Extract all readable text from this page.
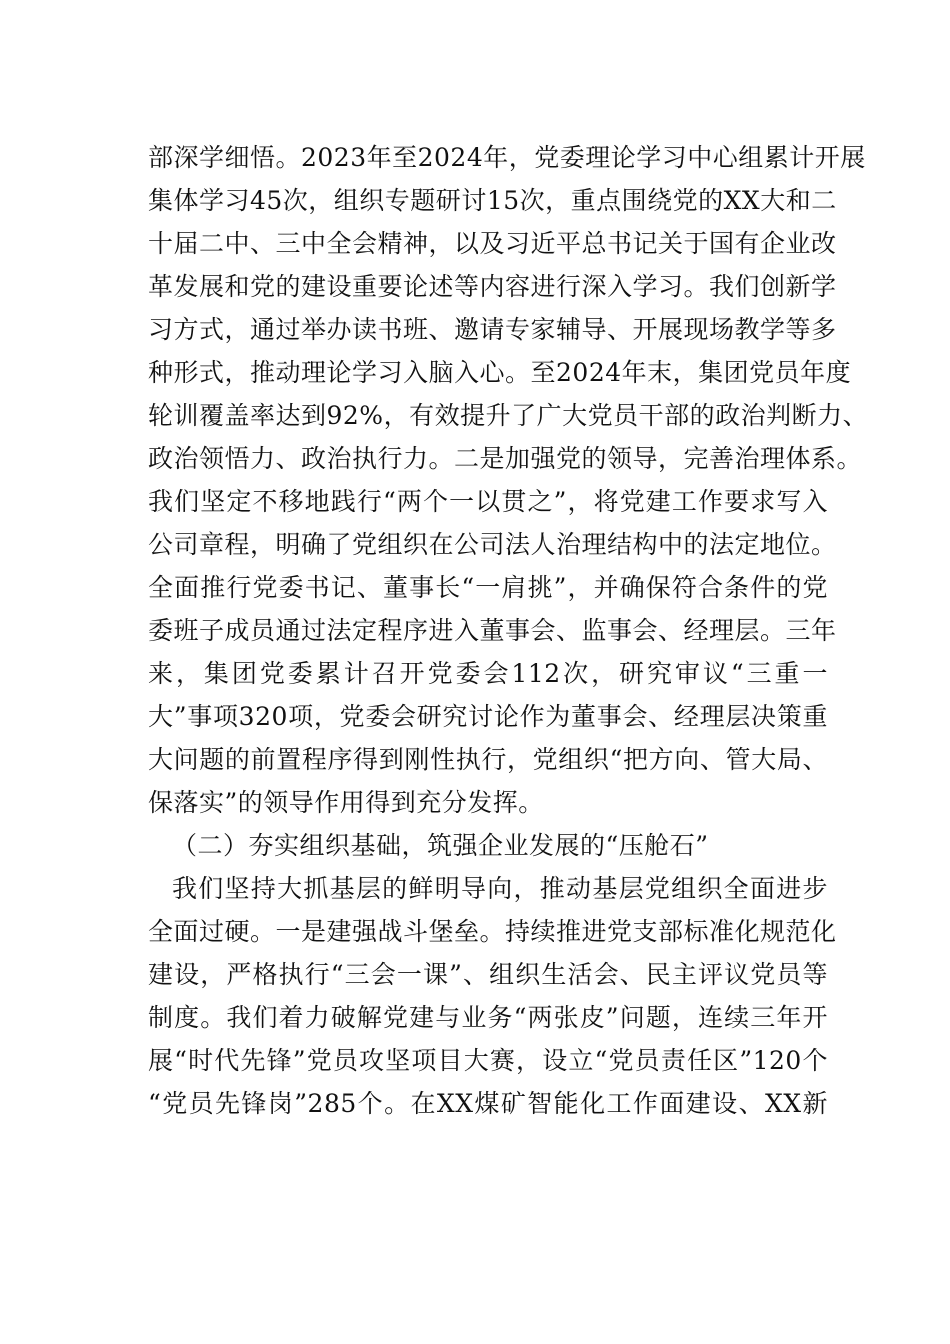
部深学细悟。2023年至2024年，党委理论学习中心组累计开展
集体学习45次，组织专题研讨15次，重点围绕党的XX大和二
十届二中、三中全会精神，以及习近平总书记关于国有企业改
革发展和党的建设重要论述等内容进行深入学习。我们创新学
习方式，通过举办读书班、邀请专家辅导、开展现场教学等多
种形式，推动理论学习入脑入心。至2024年末，集团党员年度
轮训覆盖率达到92%，有效提升了广大党员干部的政治判断力、
政治领悟力、政治执行力。二是加强党的领导，完善治理体系。
我们坚定不移地践行“两个一以贯之”，将党建工作要求写入
公司章程，明确了党组织在公司法人治理结构中的法定地位。
全面推行党委书记、董事长“一肩挑”，并确保符合条件的党
委班子成员通过法定程序进入董事会、监事会、经理层。三年
来，集团党委累计召开党委会112次，研究审议“三重一
大”事项320项，党委会研究讨论作为董事会、经理层决策重
大问题的前置程序得到刚性执行，党组织“把方向、管大局、
保落实”的领导作用得到充分发挥。
（二）夯实组织基础，筑强企业发展的“压舱石”
我们坚持大抓基层的鲜明导向，推动基层党组织全面进步
全面过硬。一是建强战斗堡垒。持续推进党支部标准化规范化
建设，严格执行“三会一课”、组织生活会、民主评议党员等
制度。我们着力破解党建与业务“两张皮”问题，连续三年开
展“时代先锋”党员攻坚项目大赛，设立“党员责任区”120个
“党员先锋岗”285个。在XX煤矿智能化工作面建设、XX新
